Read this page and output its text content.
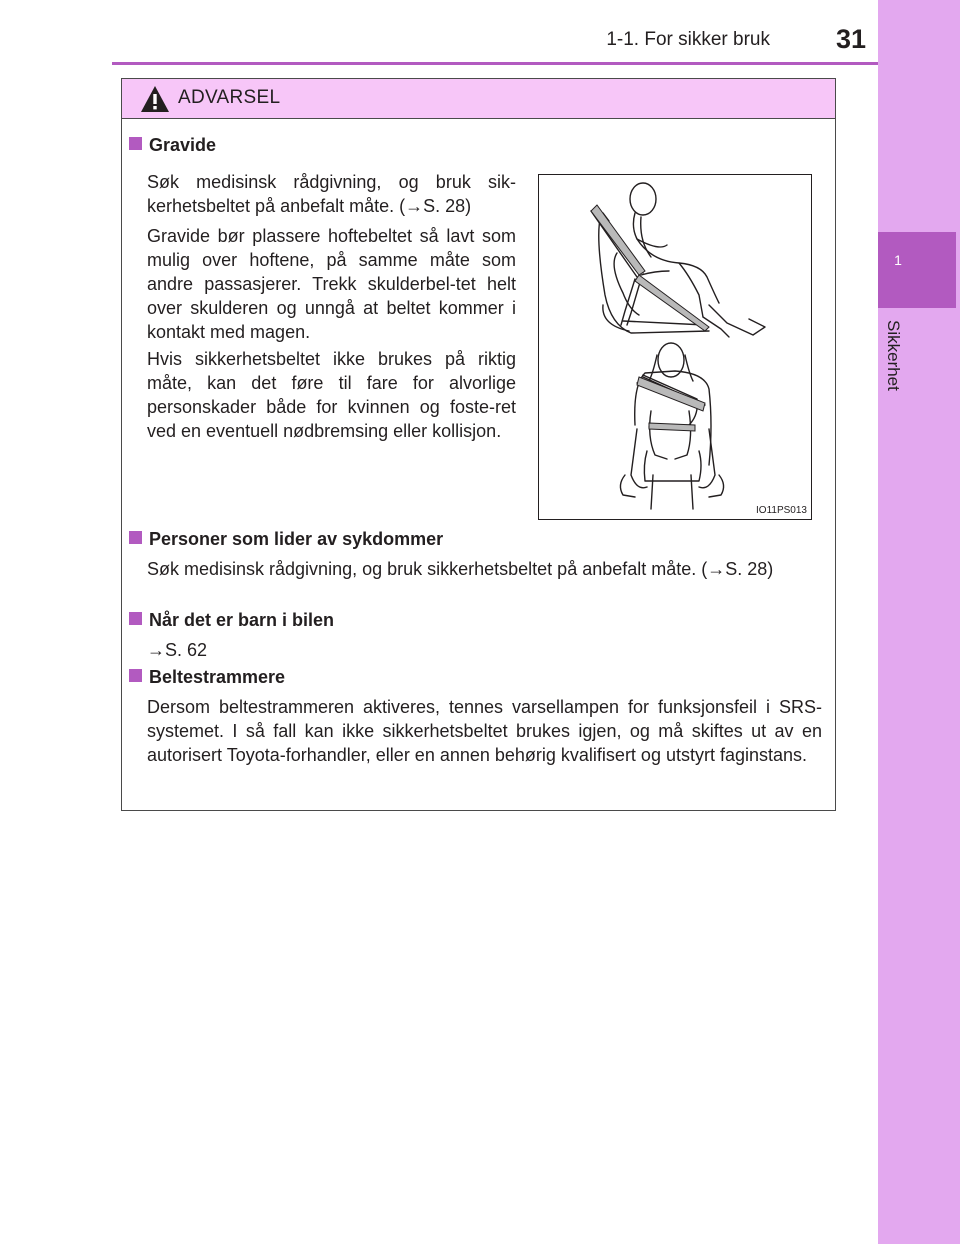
1
Sikkerhet
1-1. For sikker bruk	31
ADVARSEL
Gravide
Søk medisinsk rådgivning, og bruk sik-kerhetsbeltet på anbefalt måte. (→S. 28)
Gravide bør plassere hoftebeltet så lavt som mulig over hoftene, på samme måte som andre passasjerer. Trekk skulderbel-tet helt over skulderen og unngå at beltet kommer i kontakt med magen.
Hvis sikkerhetsbeltet ikke brukes på riktig måte, kan det føre til fare for alvorlige personskader både for kvinnen og foste-ret ved en eventuell nødbremsing eller kollisjon.
IO11PS013
Personer som lider av sykdommer
Søk medisinsk rådgivning, og bruk sikkerhetsbeltet på anbefalt måte. (→S. 28)
Når det er barn i bilen
→S. 62
Beltestrammere
Dersom beltestrammeren aktiveres, tennes varsellampen for funksjonsfeil i SRS-systemet. I så fall kan ikke sikkerhetsbeltet brukes igjen, og må skiftes ut av en autorisert Toyota-forhandler, eller en annen behørig kvalifisert og utstyrt faginstans.
